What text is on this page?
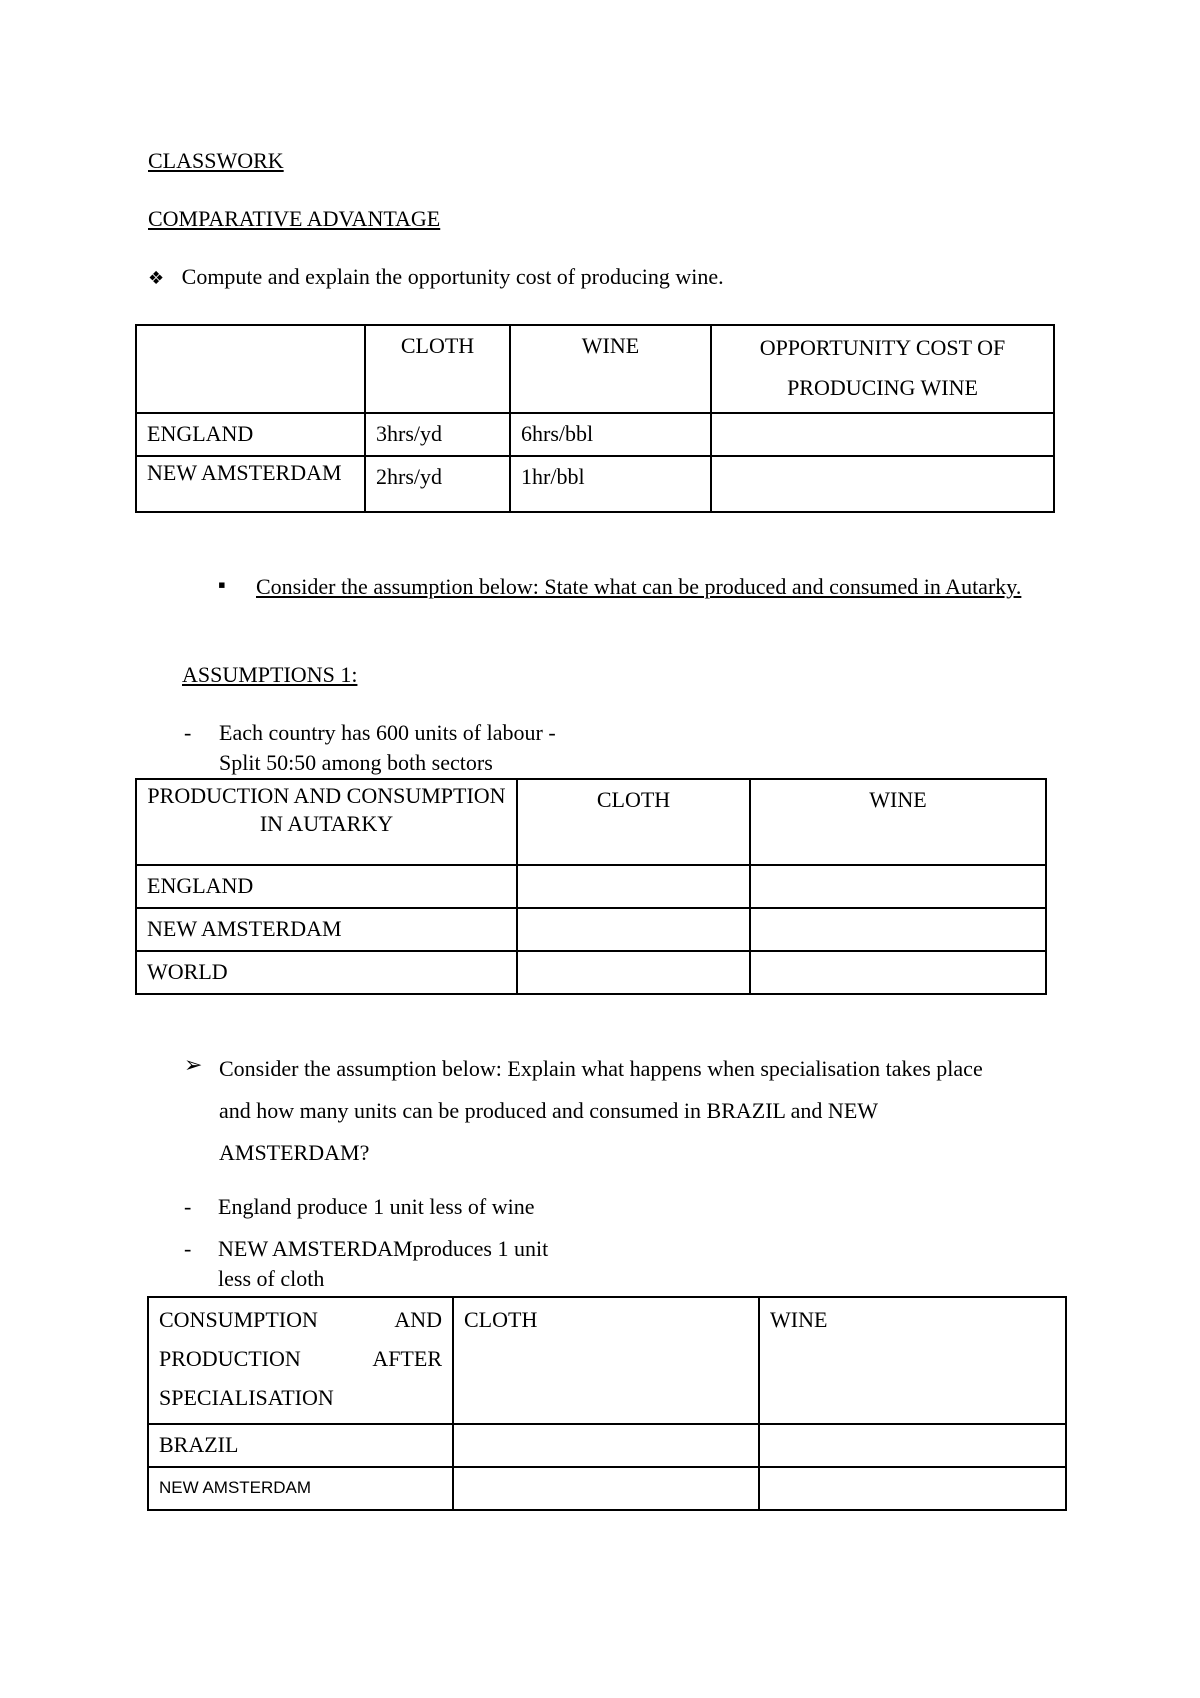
CLASSWORK
COMPARATIVE ADVANTAGE
❖ Compute and explain the opportunity cost of producing wine.
	CLOTH	WINE	OPPORTUNITY COST OF PRODUCING WINE
ENGLAND	3hrs/yd	6hrs/bbl	
NEW AMSTERDAM	2hrs/yd	1hr/bbl	
▪ Consider the assumption below: State what can be produced and consumed in Autarky.
ASSUMPTIONS 1:
- Each country has 600 units of labour -
Split 50:50 among both sectors
PRODUCTION AND CONSUMPTION IN AUTARKY	CLOTH	WINE
ENGLAND		
NEW AMSTERDAM		
WORLD		
➢ Consider the assumption below: Explain what happens when specialisation takes place and how many units can be produced and consumed in BRAZIL and NEW AMSTERDAM?
- England produce 1 unit less of wine
- NEW AMSTERDAMproduces 1 unit
less of cloth
CONSUMPTION AND
PRODUCTION AFTER
SPECIALISATION	CLOTH	WINE
BRAZIL		
NEW AMSTERDAM		
